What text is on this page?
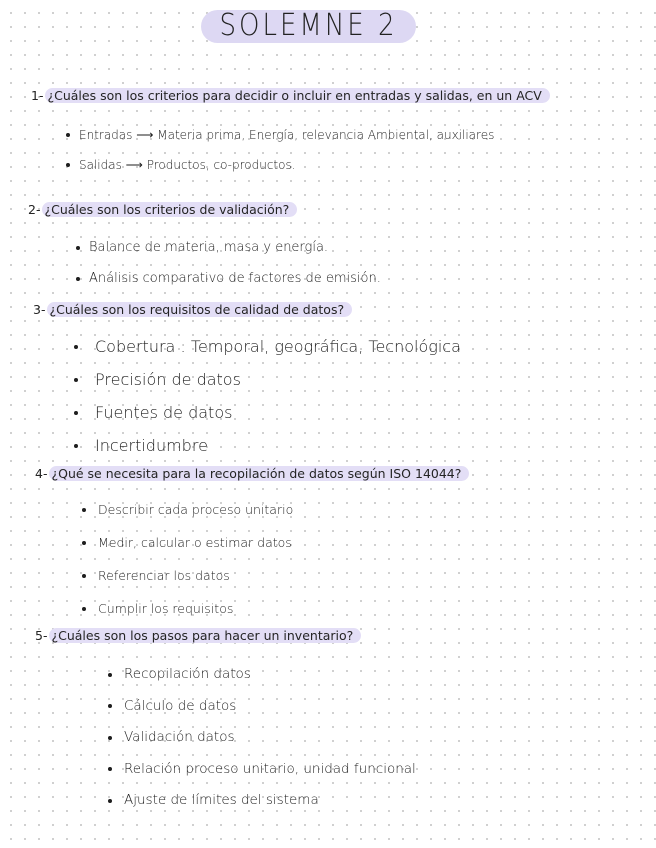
SOLEMNE 2
1- ¿Cuáles son los criterios para decidir o incluir en entradas y salidas, en un ACV
Entradas ⟶ Materia prima, Energía, relevancia Ambiental, auxiliares
Salidas ⟶ Productos, co-productos.
2- ¿Cuáles son los criterios de validación?
Balance de materia, masa y energía.
Análisis comparativo de factores de emisión.
3- ¿Cuáles son los requisitos de calidad de datos?
Cobertura : Temporal, geográfica, Tecnológica
Precisión de datos
Fuentes de datos
Incertidumbre
4- ¿Qué se necesita para la recopilación de datos según ISO 14044?
Describir cada proceso unitario
Medir, calcular o estimar datos
Referenciar los datos
Cumplir los requisitos
5- ¿Cuáles son los pasos para hacer un inventario?
Recopilación datos
Cálculo de datos
Validación datos
Relación proceso unitario, unidad funcional
Ajuste de límites del sistema
